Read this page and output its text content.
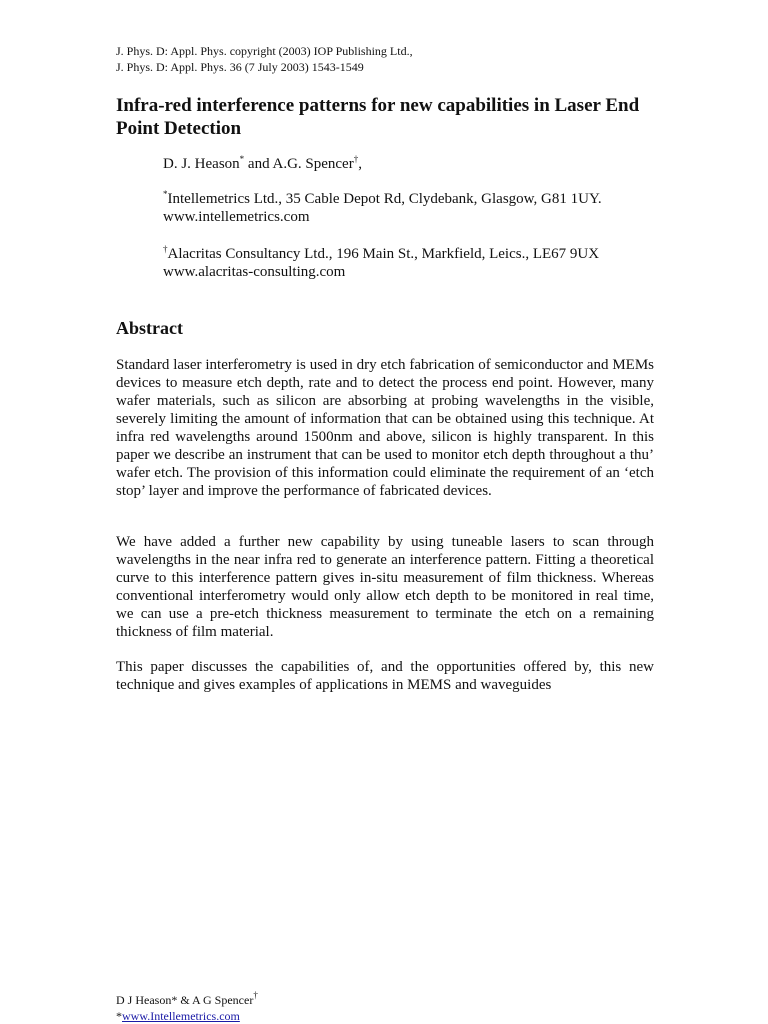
J. Phys. D: Appl. Phys. copyright (2003) IOP Publishing Ltd.,
J. Phys. D: Appl. Phys. 36 (7 July 2003) 1543-1549
Infra-red interference patterns for new capabilities in Laser End Point Detection
D. J. Heason* and A.G. Spencer†,
*Intellemetrics Ltd., 35 Cable Depot Rd, Clydebank, Glasgow, G81 1UY.
www.intellemetrics.com
†Alacritas Consultancy Ltd., 196 Main St., Markfield, Leics., LE67 9UX
www.alacritas-consulting.com
Abstract

Standard laser interferometry is used in dry etch fabrication of semiconductor and MEMs devices to measure etch depth, rate and to detect the process end point. However, many wafer materials, such as silicon are absorbing at probing wavelengths in the visible, severely limiting the amount of information that can be obtained using this technique. At infra red wavelengths around 1500nm and above, silicon is highly transparent. In this paper we describe an instrument that can be used to monitor etch depth throughout a thu’ wafer etch. The provision of this information could eliminate the requirement of an ‘etch stop’ layer and improve the performance of fabricated devices.

We have added a further new capability by using tuneable lasers to scan through wavelengths in the near infra red to generate an interference pattern. Fitting a theoretical curve to this interference pattern gives in-situ measurement of film thickness. Whereas conventional interferometry would only allow etch depth to be monitored in real time, we can use a pre-etch thickness measurement to terminate the etch on a remaining thickness of film material.

This paper discusses the capabilities of, and the opportunities offered by, this new technique and gives examples of applications in MEMS and waveguides

D J Heason* & A G Spencer†
*www.Intellemetrics.com
